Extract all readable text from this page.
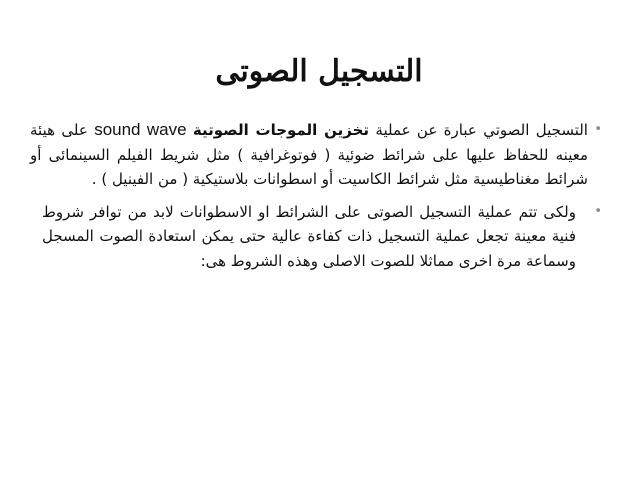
التسجيل الصوتى
•
التسجيل الصوتي عبارة عن عملية تخزين الموجات الصوتية sound wave على هيئة معينه للحفاظ عليها على شرائط ضوئية ( فوتوغرافية ) مثل شريط الفيلم السينمائى أو شرائط مغناطيسية مثل شرائط الكاسيت أو اسطوانات بلاستيكية ( من الفينيل ) .
•
ولكى تتم عملية التسجيل الصوتى على الشرائط او الاسطوانات لابد من توافر شروط فنية معينة تجعل عملية التسجيل ذات كفاءة عالية حتى يمكن استعادة الصوت المسجل وسماعة مرة اخرى مماثلا للصوت الاصلى وهذه الشروط هى:
